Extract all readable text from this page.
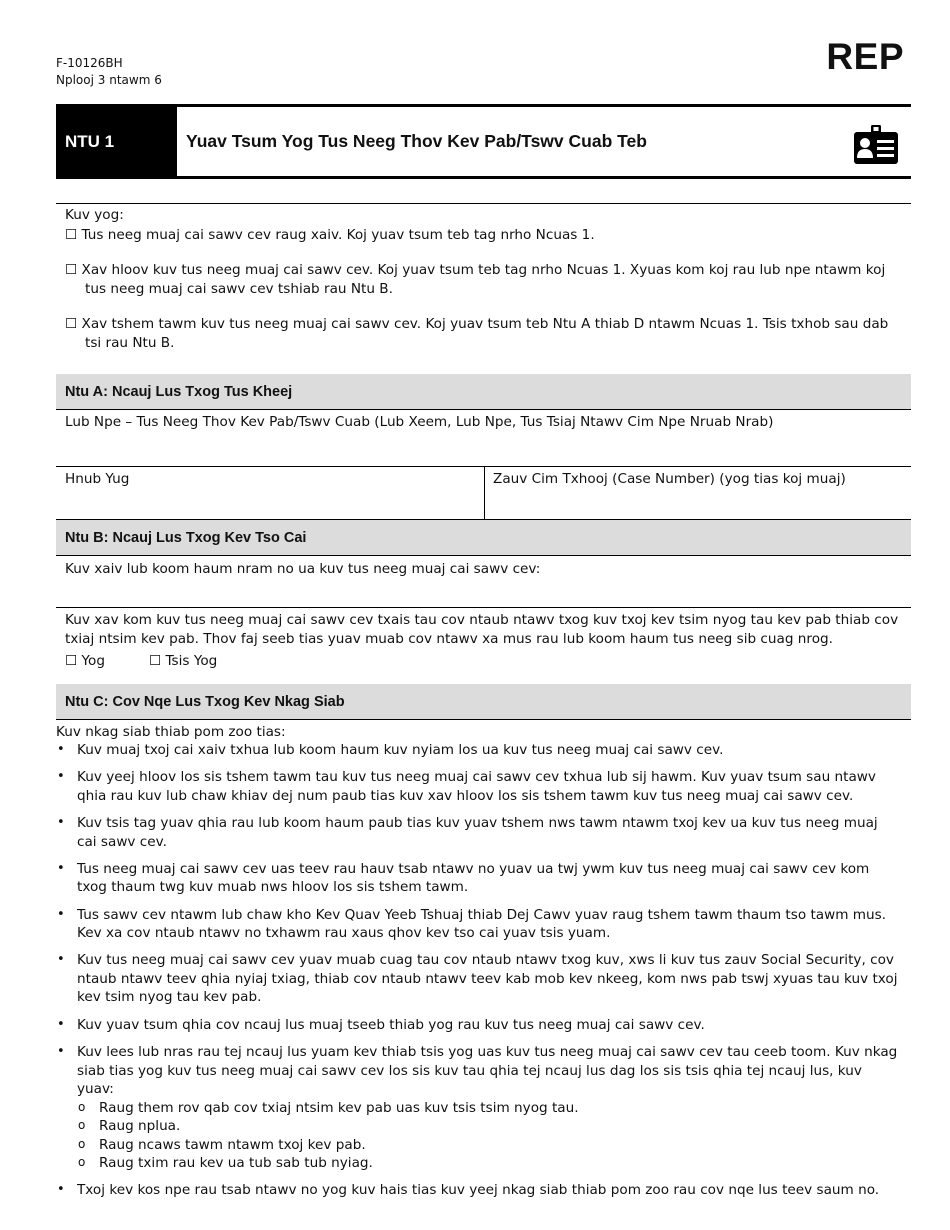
F-10126BH
Nplooj 3 ntawm 6
REP
NTU 1	Yuav Tsum Yog Tus Neeg Thov Kev Pab/Tswv Cuab Teb
Kuv yog:
☐ Tus neeg muaj cai sawv cev raug xaiv. Koj yuav tsum teb tag nrho Ncuas 1.
☐ Xav hloov kuv tus neeg muaj cai sawv cev. Koj yuav tsum teb tag nrho Ncuas 1. Xyuas kom koj rau lub npe ntawm koj tus neeg muaj cai sawv cev tshiab rau Ntu B.
☐ Xav tshem tawm kuv tus neeg muaj cai sawv cev. Koj yuav tsum teb Ntu A thiab D ntawm Ncuas 1. Tsis txhob sau dab tsi rau Ntu B.
Ntu A: Ncauj Lus Txog Tus Kheej
Lub Npe – Tus Neeg Thov Kev Pab/Tswv Cuab (Lub Xeem, Lub Npe, Tus Tsiaj Ntawv Cim Npe Nruab Nrab)
Hnub Yug	Zauv Cim Txhooj (Case Number) (yog tias koj muaj)
Ntu B: Ncauj Lus Txog Kev Tso Cai
Kuv xaiv lub koom haum nram no ua kuv tus neeg muaj cai sawv cev:
Kuv xav kom kuv tus neeg muaj cai sawv cev txais tau cov ntaub ntawv txog kuv txoj kev tsim nyog tau kev pab thiab cov txiaj ntsim kev pab. Thov faj seeb tias yuav muab cov ntawv xa mus rau lub koom haum tus neeg sib cuag nrog.
☐ Yog	☐ Tsis Yog
Ntu C: Cov Nqe Lus Txog Kev Nkag Siab
Kuv nkag siab thiab pom zoo tias:
• Kuv muaj txoj cai xaiv txhua lub koom haum kuv nyiam los ua kuv tus neeg muaj cai sawv cev.
• Kuv yeej hloov los sis tshem tawm tau kuv tus neeg muaj cai sawv cev txhua lub sij hawm. Kuv yuav tsum sau ntawv qhia rau kuv lub chaw khiav dej num paub tias kuv xav hloov los sis tshem tawm kuv tus neeg muaj cai sawv cev.
• Kuv tsis tag yuav qhia rau lub koom haum paub tias kuv yuav tshem nws tawm ntawm txoj kev ua kuv tus neeg muaj cai sawv cev.
• Tus neeg muaj cai sawv cev uas teev rau hauv tsab ntawv no yuav ua twj ywm kuv tus neeg muaj cai sawv cev kom txog thaum twg kuv muab nws hloov los sis tshem tawm.
• Tus sawv cev ntawm lub chaw kho Kev Quav Yeeb Tshuaj thiab Dej Cawv yuav raug tshem tawm thaum tso tawm mus. Kev xa cov ntaub ntawv no txhawm rau xaus qhov kev tso cai yuav tsis yuam.
• Kuv tus neeg muaj cai sawv cev yuav muab cuag tau cov ntaub ntawv txog kuv, xws li kuv tus zauv Social Security, cov ntaub ntawv teev qhia nyiaj txiag, thiab cov ntaub ntawv teev kab mob kev nkeeg, kom nws pab tswj xyuas tau kuv txoj kev tsim nyog tau kev pab.
• Kuv yuav tsum qhia cov ncauj lus muaj tseeb thiab yog rau kuv tus neeg muaj cai sawv cev.
• Kuv lees lub nras rau tej ncauj lus yuam kev thiab tsis yog uas kuv tus neeg muaj cai sawv cev tau ceeb toom. Kuv nkag siab tias yog kuv tus neeg muaj cai sawv cev los sis kuv tau qhia tej ncauj lus dag los sis tsis qhia tej ncauj lus, kuv yuav:
o Raug them rov qab cov txiaj ntsim kev pab uas kuv tsis tsim nyog tau.
o Raug nplua.
o Raug ncaws tawm ntawm txoj kev pab.
o Raug txim rau kev ua tub sab tub nyiag.
• Txoj kev kos npe rau tsab ntawv no yog kuv hais tias kuv yeej nkag siab thiab pom zoo rau cov nqe lus teev saum no.
